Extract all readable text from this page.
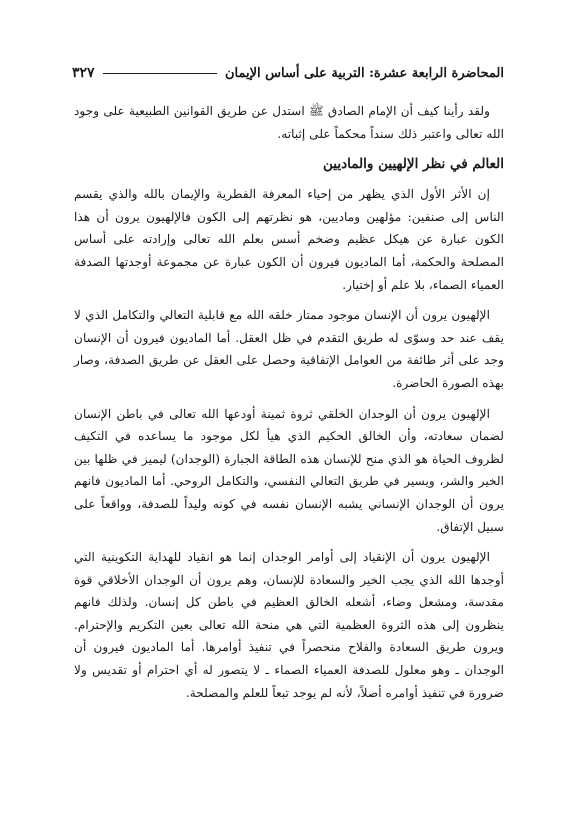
المحاضرة الرابعة عشرة: التربية على أساس الإيمان
٣٢٧

ولقد رأينا كيف أن الإمام الصادق ﷺ استدل عن طريق القوانين الطبيعية على وجود الله تعالى واعتبر ذلك سنداً محكماً على إثباته.

العالم في نظر الإلهيين والماديين

إن الأثر الأول الذي يظهر من إحياء المعرفة الفطرية والإيمان بالله والذي يقسم الناس إلى صنفين: مؤلهين وماديين، هو نظرتهم إلى الكون فالإلهيون يرون أن هذا الكون عبارة عن هيكل عظيم وضخم أسس بعلم الله تعالى وإرادته على أساس المصلحة والحكمة، أما الماديون فيرون أن الكون عبارة عن مجموعة أوجدتها الصدفة العمياء الصماء، بلا علم أو إختيار.

الإلهيون يرون أن الإنسان موجود ممتاز خلقه الله مع قابلية التعالي والتكامل الذي لا يقف عند حد وسوّى له طريق التقدم في ظل العقل. أما الماديون فيرون أن الإنسان وجد على أثر طائفة من العوامل الإتفاقية وحصل على العقل عن طريق الصدفة، وصار بهذه الصورة الحاضرة.

الإلهيون يرون أن الوجدان الخلقي ثروة ثمينة أودعها الله تعالى في باطن الإنسان لضمان سعادته، وأن الخالق الحكيم الذي هيأ لكل موجود ما يساعده في التكيف لظروف الحياة هو الذي منح للإنسان هذه الطاقة الجبارة (الوجدان) ليميز في ظلها بين الخير والشر، ويسير في طريق التعالي النفسي، والتكامل الروحي. أما الماديون فانهم يرون أن الوجدان الإنساني يشبه الإنسان نفسه في كونه وليداً للصدفة، وواقعاً على سبيل الإتفاق.

الإلهيون يرون أن الإنقياد إلى أوامر الوجدان إنما هو انقياد للهداية التكوينية التي أوجدها الله الذي يجب الخير والسعادة للإنسان، وهم يرون أن الوجدان الأخلاقي قوة مقدسة، ومشعل وضاء، أشعله الخالق العظيم في باطن كل إنسان. ولذلك فانهم ينظرون إلى هذه الثروة العظمية التي هي منحة الله تعالى بعين التكريم والإحترام. ويرون طريق السعادة والفلاح منحصراً في تنفيذ أوامرها. أما الماديون فيرون أن الوجدان ـ وهو معلول للصدفة العمياء الصماء ـ لا يتصور له أي احترام أو تقديس ولا ضرورة في تنفيذ أوامره أصلاً، لأنه لم يوجد تبعاً للعلم والمصلحة.
